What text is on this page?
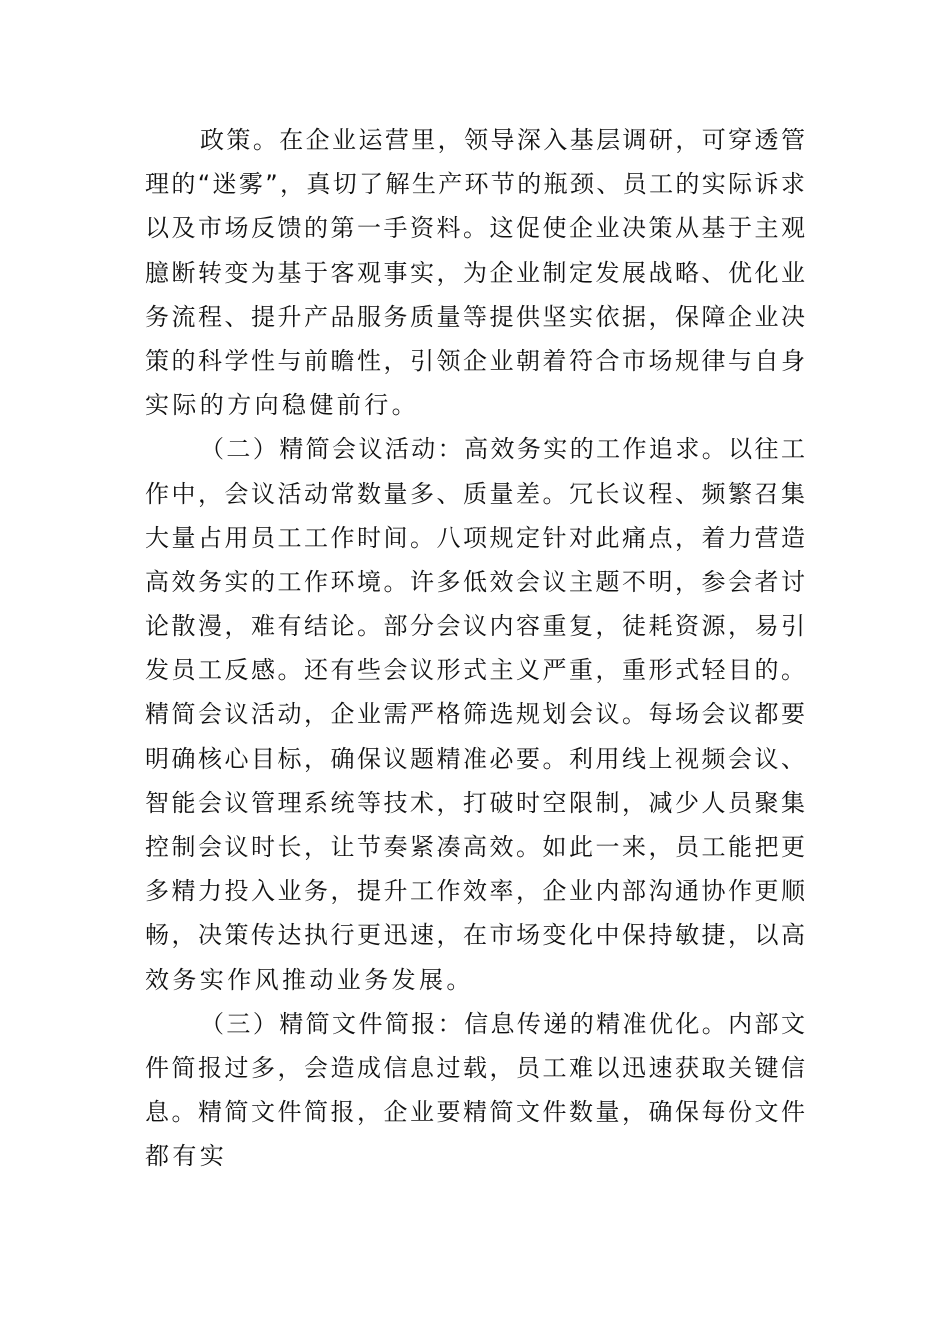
政 策 。 在 企 业 运 营 里 ， 领 导 深 入 基 层 调 研 ， 可 穿 透 管
理 的 “ 迷 雾 ” ， 真 切 了 解 生 产 环 节 的 瓶 颈 、 员 工 的 实 际 诉 求
以 及 市 场 反 馈 的 第 一 手 资 料 。 这 促 使 企 业 决 策 从 基 于 主 观
臆 断 转 变 为 基 于 客 观 事 实 ， 为 企 业 制 定 发 展 战 略 、 优 化 业
务 流 程 、 提 升 产 品 服 务 质 量 等 提 供 坚 实 依 据 ， 保 障 企 业 决
策 的 科 学 性 与 前 瞻 性 ， 引 领 企 业 朝 着 符 合 市 场 规 律 与 自 身
实际的方向稳健前行。
（ 二 ） 精 简 会 议 活 动 ： 高 效 务 实 的 工 作 追 求 。 以 往 工
作 中 ， 会 议 活 动 常 数 量 多 、 质 量 差 。 冗 长 议 程 、 频 繁 召 集
大 量 占 用 员 工 工 作 时 间 。 八 项 规 定 针 对 此 痛 点 ， 着 力 营 造
高 效 务 实 的 工 作 环 境 。 许 多 低 效 会 议 主 题 不 明 ， 参 会 者 讨
论 散 漫 ， 难 有 结 论 。 部 分 会 议 内 容 重 复 ， 徒 耗 资 源 ， 易 引
发 员 工 反 感 。 还 有 些 会 议 形 式 主 义 严 重 ， 重 形 式 轻 目 的 。
精 简 会 议 活 动 ， 企 业 需 严 格 筛 选 规 划 会 议 。 每 场 会 议 都 要
明 确 核 心 目 标 ， 确 保 议 题 精 准 必 要 。 利 用 线 上 视 频 会 议 、
智 能 会 议 管 理 系 统 等 技 术 ， 打 破 时 空 限 制 ， 减 少 人 员 聚 集
控 制 会 议 时 长 ， 让 节 奏 紧 凑 高 效 。 如 此 一 来 ， 员 工 能 把 更
多 精 力 投 入 业 务 ， 提 升 工 作 效 率 ， 企 业 内 部 沟 通 协 作 更 顺
畅 ， 决 策 传 达 执 行 更 迅 速 ， 在 市 场 变 化 中 保 持 敏 捷 ， 以 高
效务实作风推动业务发展。
（ 三 ） 精 简 文 件 简 报 ： 信 息 传 递 的 精 准 优 化 。 内 部 文
件 简 报 过 多 ， 会 造 成 信 息 过 载 ， 员 工 难 以 迅 速 获 取 关 键 信
息 。 精 简 文 件 简 报 ， 企 业 要 精 简 文 件 数 量 ， 确 保 每 份 文 件
都有实
